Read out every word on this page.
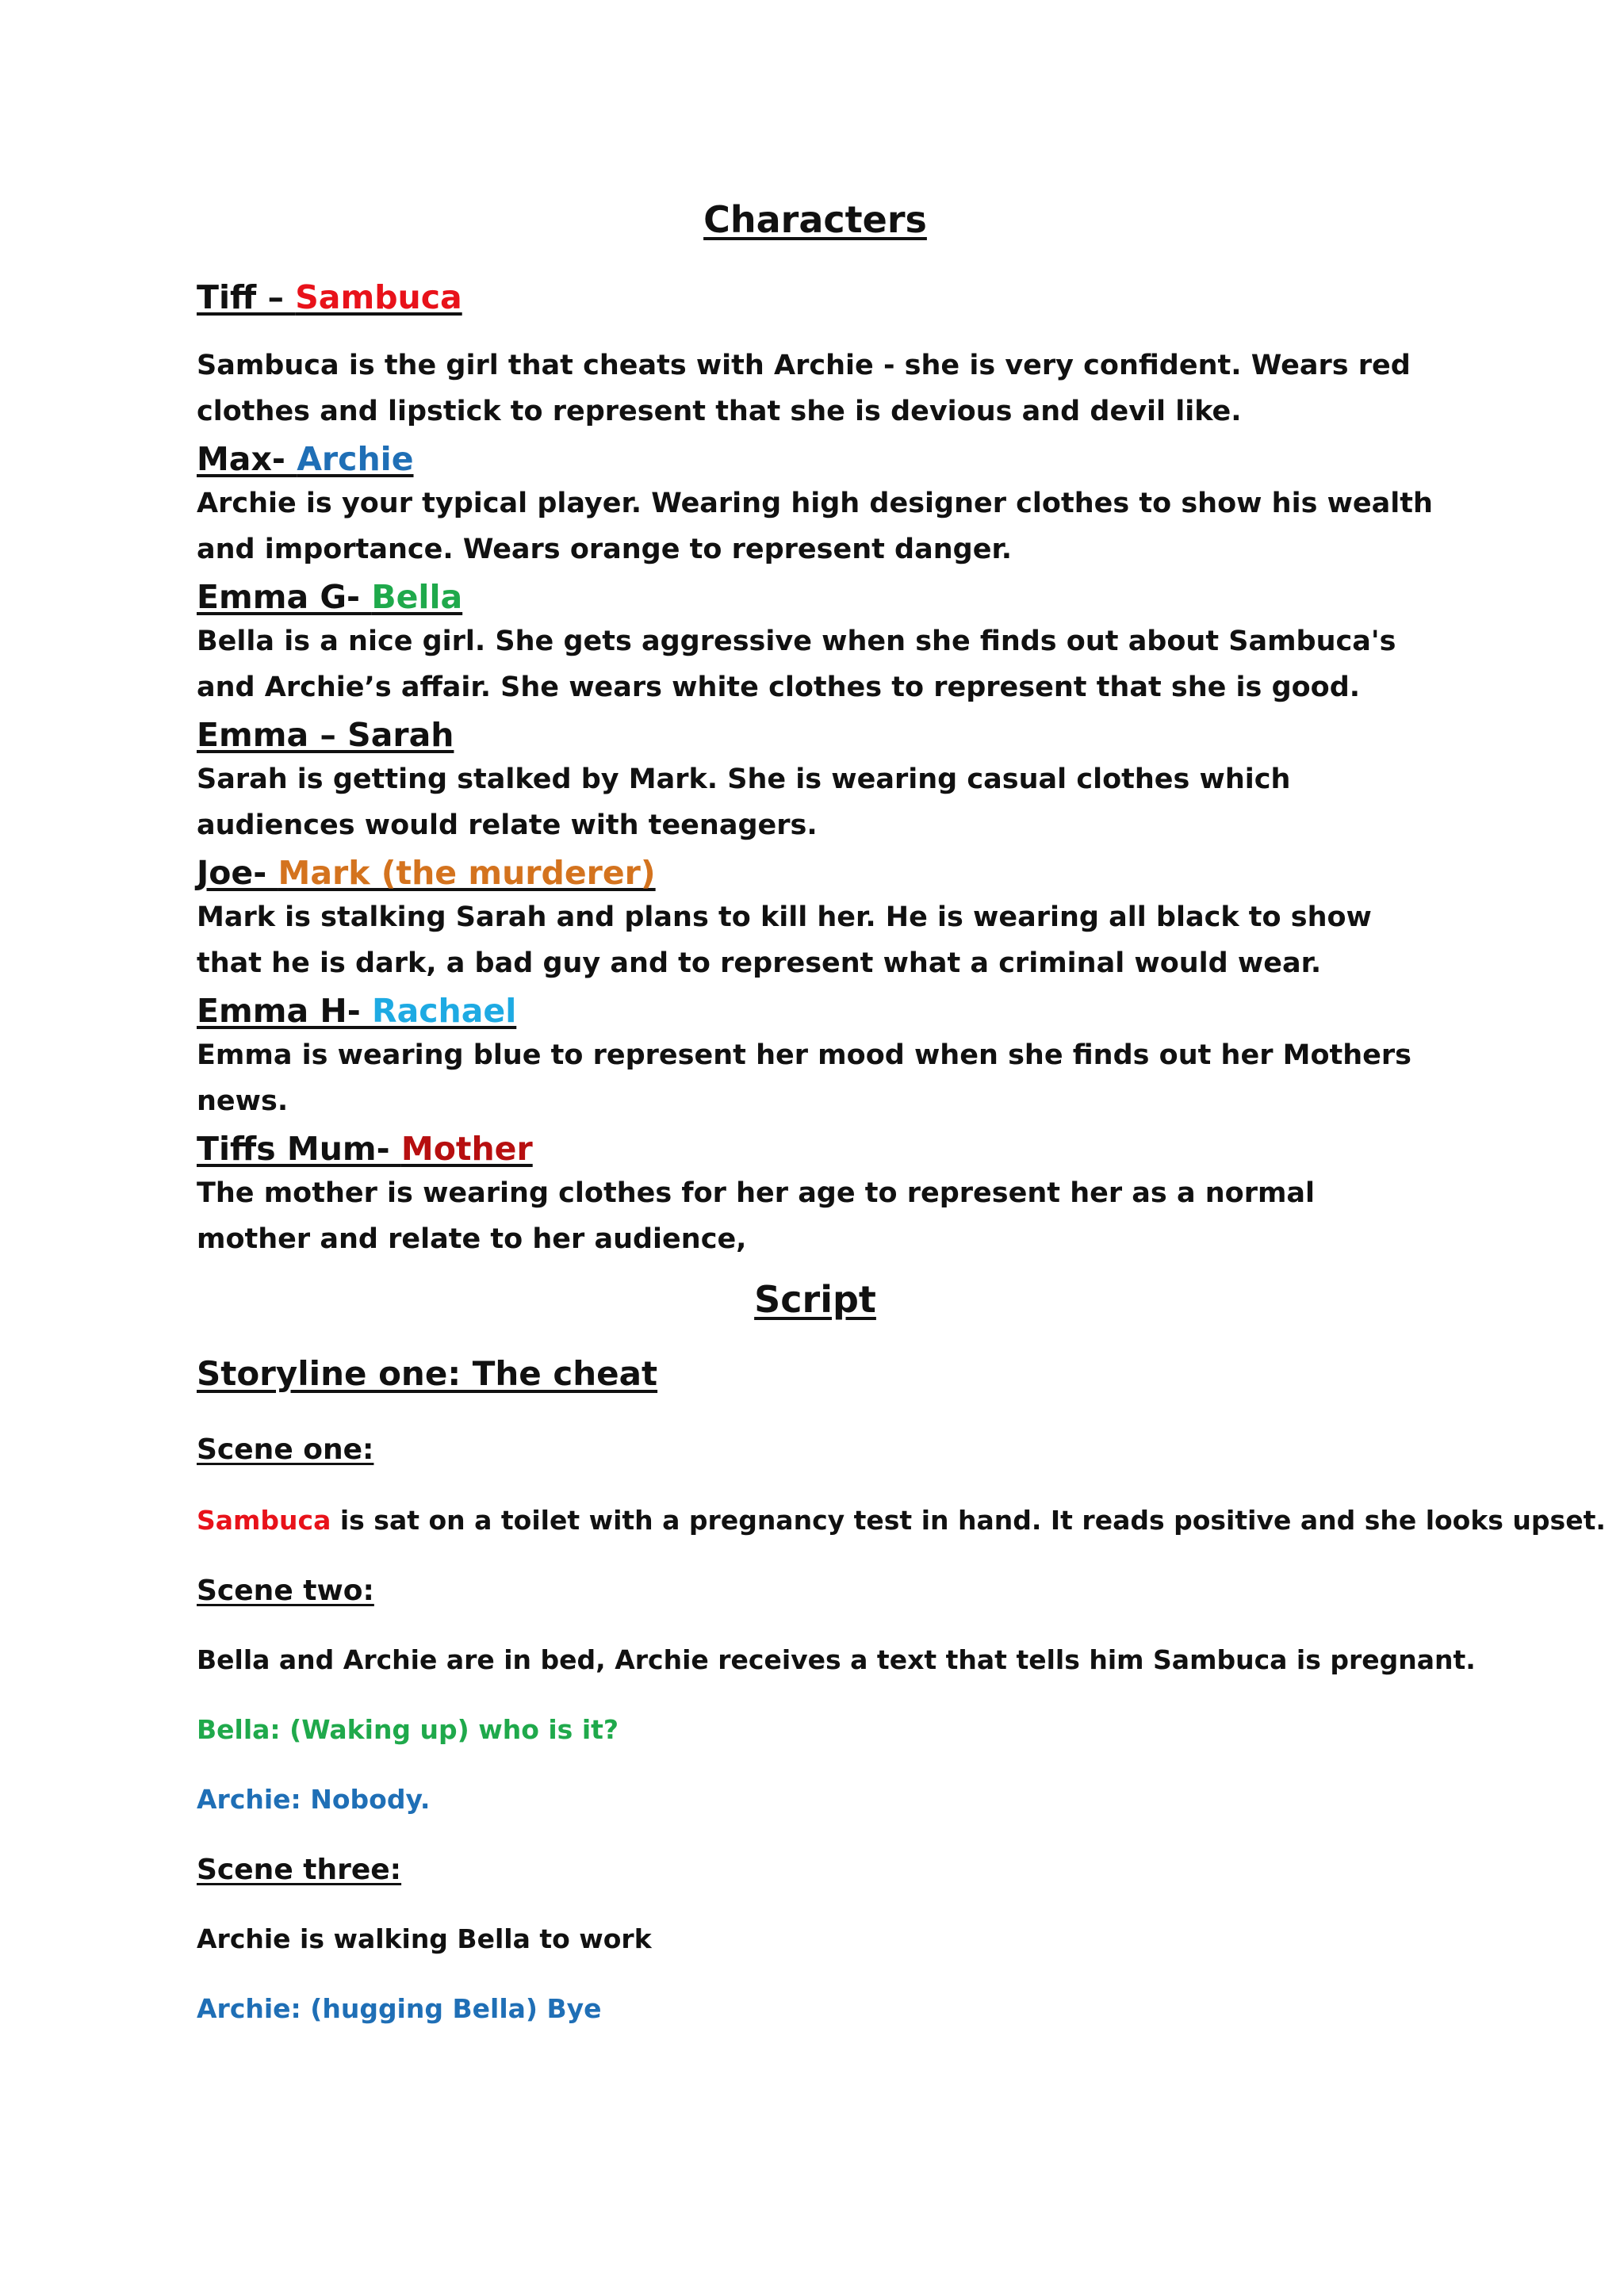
Characters
Tiff – Sambuca

Sambuca is the girl that cheats with Archie - she is very confident. Wears red clothes and lipstick to represent that she is devious and devil like.

Max- Archie

Archie is your typical player. Wearing high designer clothes to show his wealth and importance. Wears orange to represent danger.

Emma G- Bella

Bella is a nice girl. She gets aggressive when she finds out about Sambuca's and Archie’s affair. She wears white clothes to represent that she is good.

Emma – Sarah

Sarah is getting stalked by Mark. She is wearing casual clothes which audiences would relate with teenagers.

Joe- Mark (the murderer)

Mark is stalking Sarah and plans to kill her. He is wearing all black to show that he is dark, a bad guy and to represent what a criminal would wear.

Emma H- Rachael

Emma is wearing blue to represent her mood when she finds out her Mothers news.

Tiffs Mum- Mother

The mother is wearing clothes for her age to represent her as a normal mother and relate to her audience,

Script
Storyline one: The cheat
Scene one:

Sambuca is sat on a toilet with a pregnancy test in hand. It reads positive and she looks upset.

Scene two:

Bella and Archie are in bed, Archie receives a text that tells him Sambuca is pregnant.

Bella: (Waking up) who is it?

Archie: Nobody.

Scene three:

Archie is walking Bella to work

Archie: (hugging Bella) Bye
